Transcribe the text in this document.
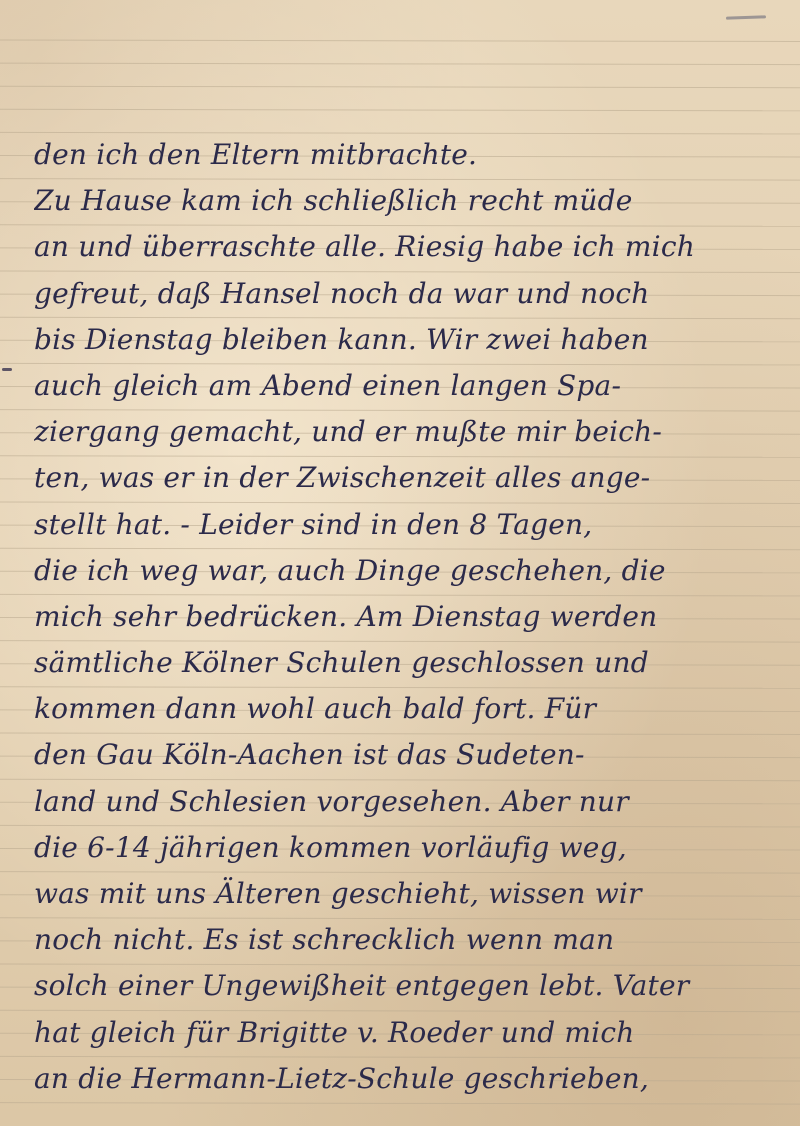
den ich den Eltern mitbrachte.
Zu Hause kam ich schließlich recht müde
an und überraschte alle. Riesig habe ich mich
gefreut, daß Hansel noch da war und noch
bis Dienstag bleiben kann. Wir zwei haben
auch gleich am Abend einen langen Spa-
ziergang gemacht, und er mußte mir beich-
ten, was er in der Zwischenzeit alles ange-
stellt hat. - Leider sind in den 8 Tagen,
die ich weg war, auch Dinge geschehen, die
mich sehr bedrücken. Am Dienstag werden
sämtliche Kölner Schulen geschlossen und
kommen dann wohl auch bald fort. Für
den Gau Köln-Aachen ist das Sudeten-
land und Schlesien vorgesehen. Aber nur
die 6-14 jährigen kommen vorläufig weg,
was mit uns Älteren geschieht, wissen wir
noch nicht. Es ist schrecklich wenn man
solch einer Ungewißheit entgegen lebt. Vater
hat gleich für Brigitte v. Roeder und mich
an die Hermann-Lietz-Schule geschrieben,
